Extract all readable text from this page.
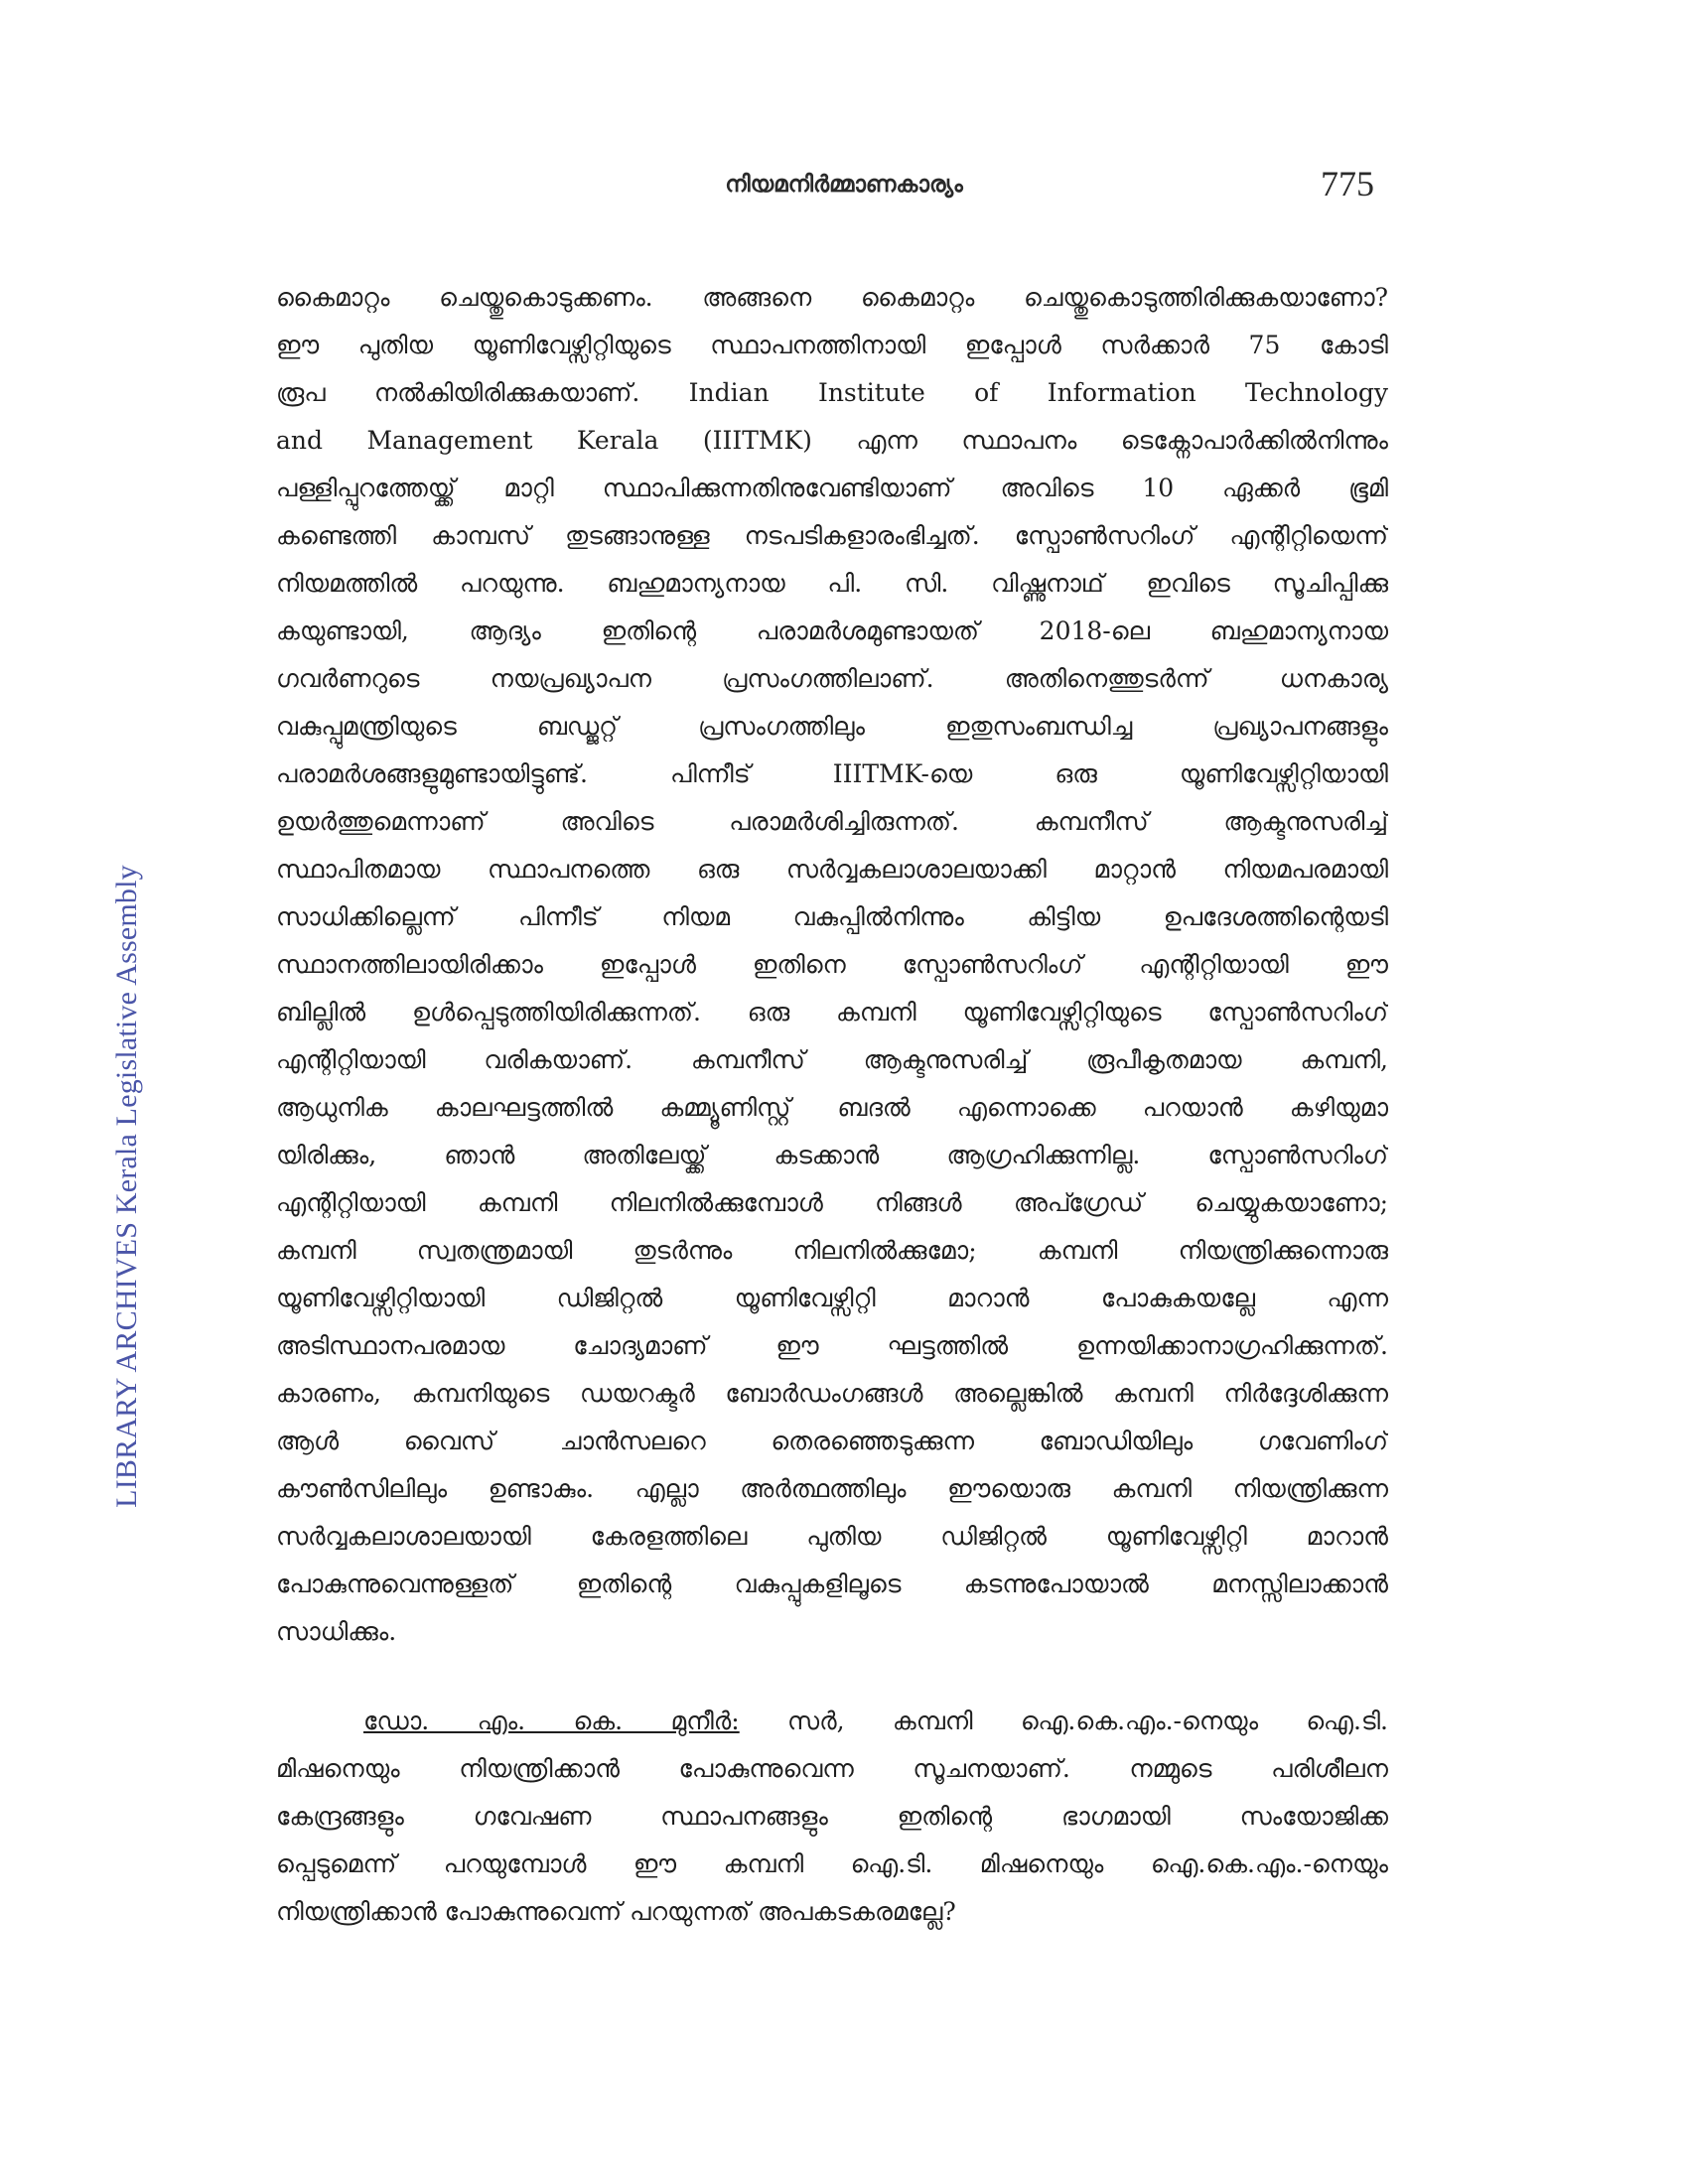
നിയമനിർമ്മാണകാര്യം	775
LIBRARY ARCHIVES Kerala Legislative Assembly
കൈമാറ്റം ചെയ്തുകൊടുക്കണം. അങ്ങനെ കൈമാറ്റം ചെയ്തുകൊടുത്തിരിക്കുകയാണോ?
ഈ പുതിയ യൂണിവേഴ്സിറ്റിയുടെ സ്ഥാപനത്തിനായി ഇപ്പോൾ സർക്കാർ 75 കോടി
രൂപ നൽകിയിരിക്കുകയാണ്. Indian Institute of Information Technology
and Management Kerala (IIITMK) എന്ന സ്ഥാപനം ടെക്നോപാർക്കിൽനിന്നും
പള്ളിപ്പുറത്തേയ്ക്ക് മാറ്റി സ്ഥാപിക്കുന്നതിനുവേണ്ടിയാണ് അവിടെ 10 ഏക്കർ ഭൂമി
കണ്ടെത്തി കാമ്പസ് തുടങ്ങാനുള്ള നടപടികളാരംഭിച്ചത്. സ്പോൺസറിംഗ് എന്റിറ്റിയെന്ന്
നിയമത്തിൽ പറയുന്നു. ബഹുമാന്യനായ പി. സി. വിഷ്ണുനാഥ് ഇവിടെ സൂചിപ്പിക്കു
കയുണ്ടായി, ആദ്യം ഇതിന്റെ പരാമർശമുണ്ടായത് 2018-ലെ ബഹുമാന്യനായ
ഗവർണറുടെ നയപ്രഖ്യാപന പ്രസംഗത്തിലാണ്. അതിനെത്തുടർന്ന് ധനകാര്യ
വകുപ്പുമന്ത്രിയുടെ ബഡ്ജറ്റ് പ്രസംഗത്തിലും ഇതുസംബന്ധിച്ച പ്രഖ്യാപനങ്ങളും
പരാമർശങ്ങളുമുണ്ടായിട്ടുണ്ട്. പിന്നീട് IIITMK-യെ ഒരു യൂണിവേഴ്സിറ്റിയായി
ഉയർത്തുമെന്നാണ് അവിടെ പരാമർശിച്ചിരുന്നത്. കമ്പനീസ് ആക്ടനുസരിച്ച്
സ്ഥാപിതമായ സ്ഥാപനത്തെ ഒരു സർവ്വകലാശാലയാക്കി മാറ്റാൻ നിയമപരമായി
സാധിക്കില്ലെന്ന് പിന്നീട് നിയമ വകുപ്പിൽനിന്നും കിട്ടിയ ഉപദേശത്തിന്റെയടി
സ്ഥാനത്തിലായിരിക്കാം ഇപ്പോൾ ഇതിനെ സ്പോൺസറിംഗ് എന്റിറ്റിയായി ഈ
ബില്ലിൽ ഉൾപ്പെടുത്തിയിരിക്കുന്നത്. ഒരു കമ്പനി യൂണിവേഴ്സിറ്റിയുടെ സ്പോൺസറിംഗ്
എന്റിറ്റിയായി വരികയാണ്. കമ്പനീസ് ആക്ടനുസരിച്ച് രൂപീകൃതമായ കമ്പനി,
ആധുനിക കാലഘട്ടത്തിൽ കമ്മ്യൂണിസ്റ്റ് ബദൽ എന്നൊക്കെ പറയാൻ കഴിയുമാ
യിരിക്കും, ഞാൻ അതിലേയ്ക്ക് കടക്കാൻ ആഗ്രഹിക്കുന്നില്ല. സ്പോൺസറിംഗ്
എന്റിറ്റിയായി കമ്പനി നിലനിൽക്കുമ്പോൾ നിങ്ങൾ അപ്ഗ്രേഡ് ചെയ്യുകയാണോ;
കമ്പനി സ്വതന്ത്രമായി തുടർന്നും നിലനിൽക്കുമോ; കമ്പനി നിയന്ത്രിക്കുന്നൊരു
യൂണിവേഴ്സിറ്റിയായി ഡിജിറ്റൽ യൂണിവേഴ്സിറ്റി മാറാൻ പോകുകയല്ലേ എന്ന
അടിസ്ഥാനപരമായ ചോദ്യമാണ് ഈ ഘട്ടത്തിൽ ഉന്നയിക്കാനാഗ്രഹിക്കുന്നത്.
കാരണം, കമ്പനിയുടെ ഡയറക്ടർ ബോർഡംഗങ്ങൾ അല്ലെങ്കിൽ കമ്പനി നിർദ്ദേശിക്കുന്ന
ആൾ വൈസ് ചാൻസലറെ തെരഞ്ഞെടുക്കുന്ന ബോഡിയിലും ഗവേണിംഗ്
കൗൺസിലിലും ഉണ്ടാകും. എല്ലാ അർത്ഥത്തിലും ഈയൊരു കമ്പനി നിയന്ത്രിക്കുന്ന
സർവ്വകലാശാലയായി കേരളത്തിലെ പുതിയ ഡിജിറ്റൽ യൂണിവേഴ്സിറ്റി മാറാൻ
പോകുന്നുവെന്നുള്ളത് ഇതിന്റെ വകുപ്പുകളിലൂടെ കടന്നുപോയാൽ മനസ്സിലാക്കാൻ
സാധിക്കും.
ഡോ. എം. കെ. മുനീർ: സർ, കമ്പനി ഐ.കെ.എം.-നെയും ഐ.ടി.
മിഷനെയും നിയന്ത്രിക്കാൻ പോകുന്നുവെന്ന സൂചനയാണ്. നമ്മുടെ പരിശീലന
കേന്ദ്രങ്ങളും ഗവേഷണ സ്ഥാപനങ്ങളും ഇതിന്റെ ഭാഗമായി സംയോജിക്ക
പ്പെടുമെന്ന് പറയുമ്പോൾ ഈ കമ്പനി ഐ.ടി. മിഷനെയും ഐ.കെ.എം.-നെയും
നിയന്ത്രിക്കാൻ പോകുന്നുവെന്ന് പറയുന്നത് അപകടകരമല്ലേ?
